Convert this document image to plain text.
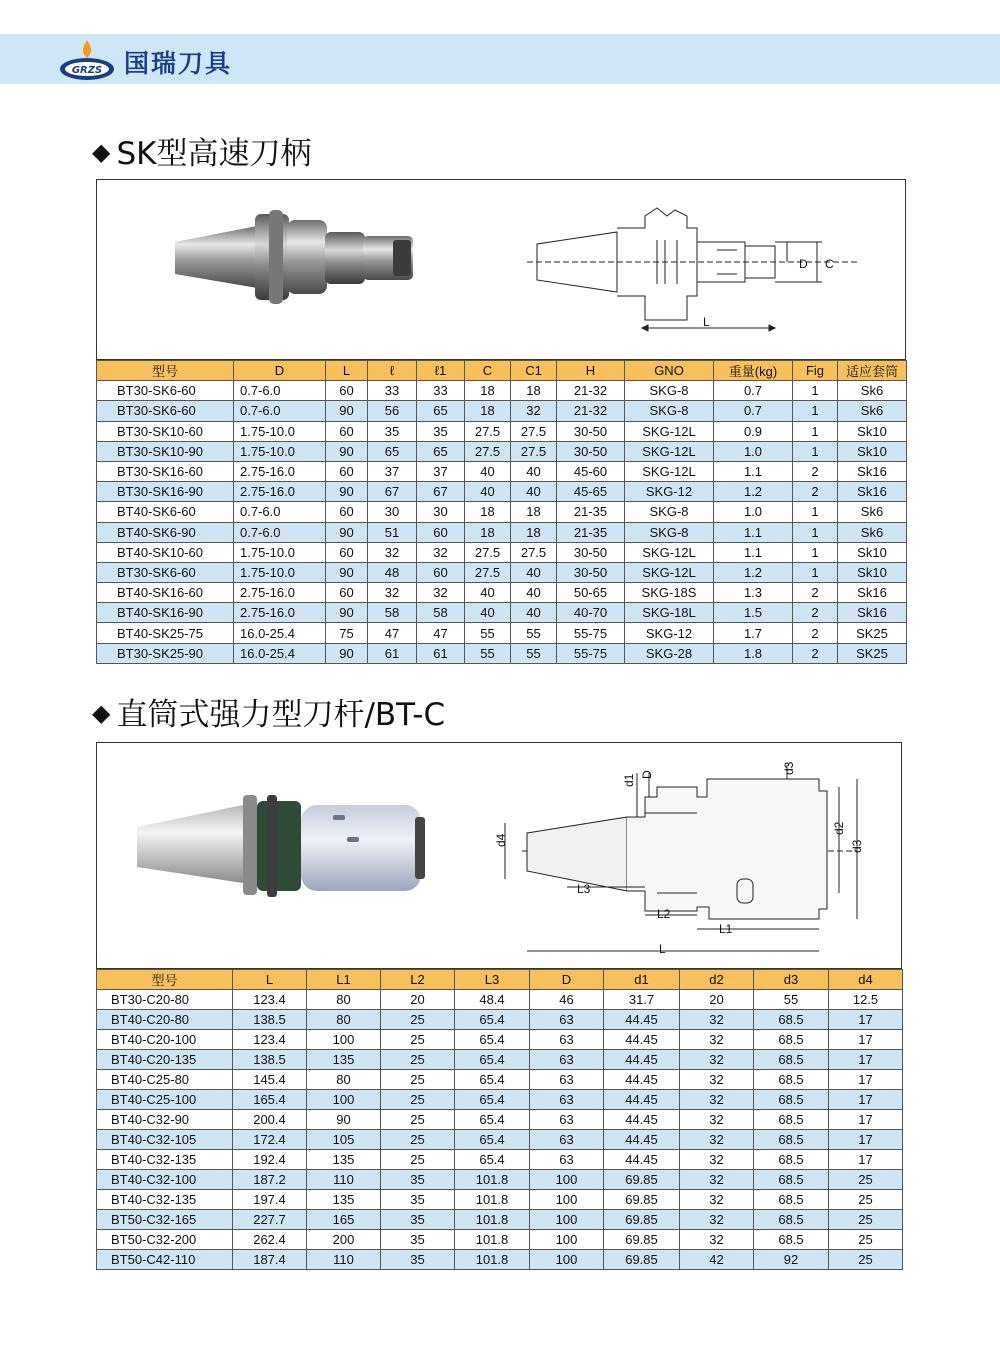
GRZS 国瑞刀具
◆ SK型高速刀柄
D C
L
型号	D	L	ℓ	ℓ1	C	C1	H	GNO	重量(kg)	Fig	适应套筒
BT30-SK6-60	0.7-6.0	60	33	33	18	18	21-32	SKG-8	0.7	1	Sk6
BT30-SK6-60	0.7-6.0	90	56	65	18	32	21-32	SKG-8	0.7	1	Sk6
BT30-SK10-60	1.75-10.0	60	35	35	27.5	27.5	30-50	SKG-12L	0.9	1	Sk10
BT30-SK10-90	1.75-10.0	90	65	65	27.5	27.5	30-50	SKG-12L	1.0	1	Sk10
BT30-SK16-60	2.75-16.0	60	37	37	40	40	45-60	SKG-12L	1.1	2	Sk16
BT30-SK16-90	2.75-16.0	90	67	67	40	40	45-65	SKG-12	1.2	2	Sk16
BT40-SK6-60	0.7-6.0	60	30	30	18	18	21-35	SKG-8	1.0	1	Sk6
BT40-SK6-90	0.7-6.0	90	51	60	18	18	21-35	SKG-8	1.1	1	Sk6
BT40-SK10-60	1.75-10.0	60	32	32	27.5	27.5	30-50	SKG-12L	1.1	1	Sk10
BT30-SK6-60	1.75-10.0	90	48	60	27.5	40	30-50	SKG-12L	1.2	1	Sk10
BT40-SK16-60	2.75-16.0	60	32	32	40	40	50-65	SKG-18S	1.3	2	Sk16
BT40-SK16-90	2.75-16.0	90	58	58	40	40	40-70	SKG-18L	1.5	2	Sk16
BT40-SK25-75	16.0-25.4	75	47	47	55	55	55-75	SKG-12	1.7	2	SK25
BT30-SK25-90	16.0-25.4	90	61	61	55	55	55-75	SKG-28	1.8	2	SK25
◆ 直筒式强力型刀杆/BT-C
d4
d1 D	d3
d2
d3
L3
L2
L1
L
型号	L	L1	L2	L3	D	d1	d2	d3	d4
BT30-C20-80	123.4	80	20	48.4	46	31.7	20	55	12.5
BT40-C20-80	138.5	80	25	65.4	63	44.45	32	68.5	17
BT40-C20-100	123.4	100	25	65.4	63	44.45	32	68.5	17
BT40-C20-135	138.5	135	25	65.4	63	44.45	32	68.5	17
BT40-C25-80	145.4	80	25	65.4	63	44.45	32	68.5	17
BT40-C25-100	165.4	100	25	65.4	63	44.45	32	68.5	17
BT40-C32-90	200.4	90	25	65.4	63	44.45	32	68.5	17
BT40-C32-105	172.4	105	25	65.4	63	44.45	32	68.5	17
BT40-C32-135	192.4	135	25	65.4	63	44.45	32	68.5	17
BT40-C32-100	187.2	110	35	101.8	100	69.85	32	68.5	25
BT40-C32-135	197.4	135	35	101.8	100	69.85	32	68.5	25
BT50-C32-165	227.7	165	35	101.8	100	69.85	32	68.5	25
BT50-C32-200	262.4	200	35	101.8	100	69.85	32	68.5	25
BT50-C42-110	187.4	110	35	101.8	100	69.85	42	92	25
